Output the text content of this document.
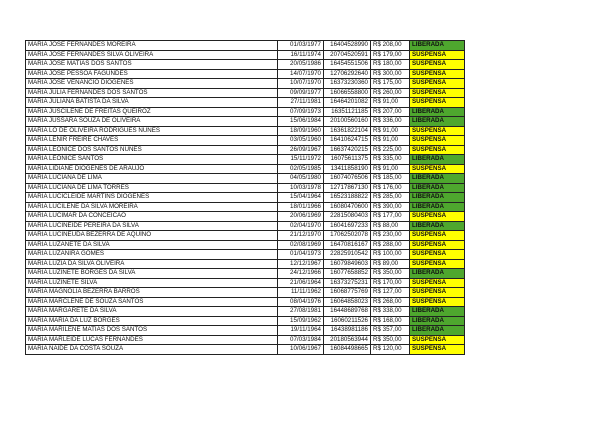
MARIA JOSE FERNANDES MOREIRA	01/03/1977	16404528990	R$ 208,00	LIBERADA
MARIA JOSE FERNANDES SILVA OLIVEIRA	16/11/1974	20704520591	R$ 179,00	SUSPENSA
MARIA JOSE MATIAS DOS SANTOS	20/05/1986	16454551506	R$ 180,00	SUSPENSA
MARIA JOSE PESSOA FAGUNDES	14/07/1970	12706292640	R$ 300,00	SUSPENSA
MARIA JOSE VENANCIO DIOGENES	10/07/1970	16373230360	R$ 175,00	SUSPENSA
MARIA JULIA FERNANDES DOS SANTOS	09/09/1977	16066558800	R$ 260,00	SUSPENSA
MARIA JULIANA BATISTA DA SILVA	27/11/1981	16464201082	R$ 91,00	SUSPENSA
MARIA JUSCILENE DE FREITAS QUEIROZ	07/09/1973	16351121185	R$ 207,00	LIBERADA
MARIA JUSSARA SOUZA DE OLIVEIRA	15/06/1984	20100560160	R$ 336,00	LIBERADA
MARIA LO DE OLIVEIRA RODRIGUES NUNES	18/09/1960	16361822104	R$ 91,00	SUSPENSA
MARIA LENIR FREIRE CHAVES	03/05/1960	16410624715	R$ 91,00	SUSPENSA
MARIA LEONICE DOS SANTOS NUNES	26/09/1967	16637420215	R$ 225,00	SUSPENSA
MARIA LEONICE SANTOS	15/11/1972	16075611375	R$ 335,00	LIBERADA
MARIA LIDIANE DIOGENES DE ARAUJO	02/05/1985	13411858190	R$ 91,00	SUSPENSA
MARIA LUCIANA DE LIMA	04/05/1980	16074076506	R$ 185,00	LIBERADA
MARIA LUCIANA DE LIMA TORRES	10/03/1978	12717867130	R$ 176,00	LIBERADA
MARIA LUCICLEIDE MARTINS DIOGENES	15/04/1964	16523188822	R$ 285,00	LIBERADA
MARIA LUCILENE DA SILVA MOREIRA	18/01/1966	16080470600	R$ 390,00	LIBERADA
MARIA LUCIMAR DA CONCEICAO	20/06/1969	22815080403	R$ 177,00	SUSPENSA
MARIA LUCINEIDE PEREIRA DA SILVA	02/04/1970	16041697233	R$ 88,00	LIBERADA
MARIA LUCINEUDA BEZERRA DE AQUINO	21/12/1970	17062502078	R$ 230,00	SUSPENSA
MARIA LUZANETE DA SILVA	02/08/1969	16470816167	R$ 288,00	SUSPENSA
MARIA LUZANIRA GOMES	01/04/1973	22825910542	R$ 100,00	SUSPENSA
MARIA LUZIA DA SILVA OLIVEIRA	12/12/1967	16079849603	R$ 89,00	SUSPENSA
MARIA LUZINETE BORGES DA SILVA	24/12/1966	16077658852	R$ 350,00	LIBERADA
MARIA LUZINETE SILVA	21/06/1964	16373275231	R$ 170,00	SUSPENSA
MARIA MAGNOLIA BEZERRA BARROS	11/11/1962	16068775769	R$ 127,00	SUSPENSA
MARIA MARCLENE DE SOUZA SANTOS	08/04/1976	16064858023	R$ 268,00	SUSPENSA
MARIA MARGARETE DA SILVA	27/08/1981	16448689768	R$ 338,00	LIBERADA
MARIA MARIA DA LUZ BORGES	15/09/1962	16060211526	R$ 168,00	LIBERADA
MARIA MARILENE MATIAS DOS SANTOS	19/11/1964	16438981186	R$ 357,00	LIBERADA
MARIA MARLEIDE LUCAS FERNANDES	07/03/1984	20180563944	R$ 350,00	SUSPENSA
MARIA NAIDE DA COSTA SOUZA	10/06/1967	16084498665	R$ 120,00	SUSPENSA
